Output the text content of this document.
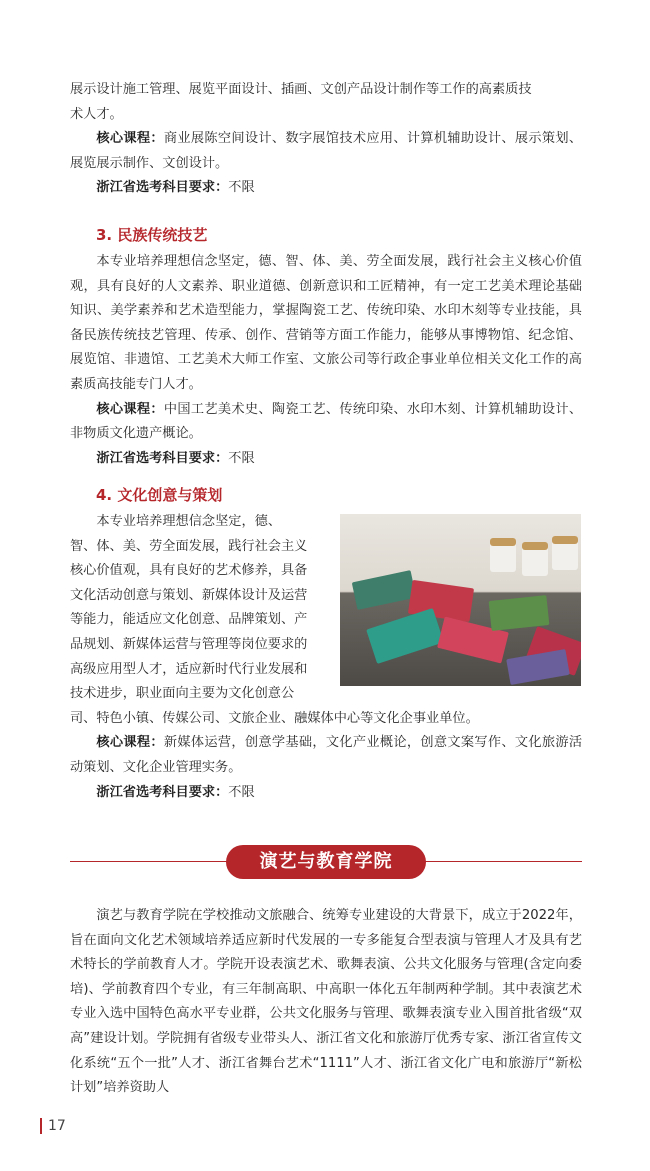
展示设计施工管理、展览平面设计、插画、文创产品设计制作等工作的高素质技

术人才。

核心课程：商业展陈空间设计、数字展馆技术应用、计算机辅助设计、展示策划、展览展示制作、文创设计。

浙江省选考科目要求：不限

3. 民族传统技艺

本专业培养理想信念坚定，德、智、体、美、劳全面发展，践行社会主义核心价值观，具有良好的人文素养、职业道德、创新意识和工匠精神，有一定工艺美术理论基础知识、美学素养和艺术造型能力，掌握陶瓷工艺、传统印染、水印木刻等专业技能，具备民族传统技艺管理、传承、创作、营销等方面工作能力，能够从事博物馆、纪念馆、展览馆、非遗馆、工艺美术大师工作室、文旅公司等行政企事业单位相关文化工作的高素质高技能专门人才。

核心课程：中国工艺美术史、陶瓷工艺、传统印染、水印木刻、计算机辅助设计、非物质文化遗产概论。

浙江省选考科目要求：不限

4. 文化创意与策划

本专业培养理想信念坚定，德、

智、体、美、劳全面发展，践行社会主义

核心价值观，具有良好的艺术修养，具备

文化活动创意与策划、新媒体设计及运营

等能力，能适应文化创意、品牌策划、产

品规划、新媒体运营与管理等岗位要求的

高级应用型人才，适应新时代行业发展和

技术进步，职业面向主要为文化创意公

司、特色小镇、传媒公司、文旅企业、融媒体中心等文化企事业单位。

核心课程：新媒体运营，创意学基础，文化产业概论，创意文案写作、文化旅游活动策划、文化企业管理实务。

浙江省选考科目要求：不限

演艺与教育学院

演艺与教育学院在学校推动文旅融合、统筹专业建设的大背景下，成立于2022年，旨在面向文化艺术领域培养适应新时代发展的一专多能复合型表演与管理人才及具有艺术特长的学前教育人才。学院开设表演艺术、歌舞表演、公共文化服务与管理(含定向委培)、学前教育四个专业，有三年制高职、中高职一体化五年制两种学制。其中表演艺术专业入选中国特色高水平专业群，公共文化服务与管理、歌舞表演专业入围首批省级“双高”建设计划。学院拥有省级专业带头人、浙江省文化和旅游厅优秀专家、浙江省宣传文化系统“五个一批”人才、浙江省舞台艺术“1111”人才、浙江省文化广电和旅游厅“新松计划”培养资助人

17
